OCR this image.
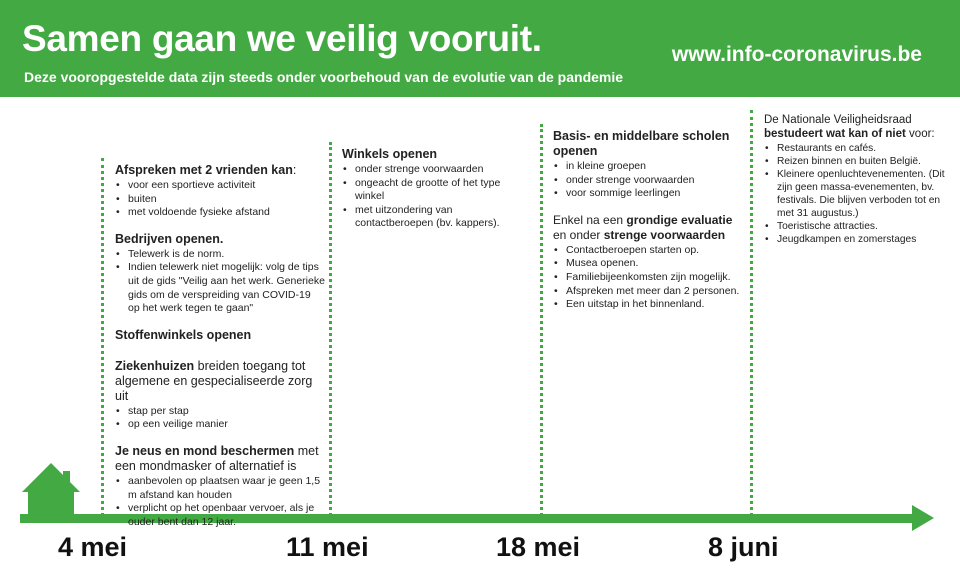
Samen gaan we veilig vooruit.
Deze vooropgestelde data zijn steeds onder voorbehoud van de evolutie van de pandemie
www.info-coronavirus.be
4 mei	11 mei	18 mei	8 juni
Afspreken met 2 vrienden kan:
• voor een sportieve activiteit
• buiten
• met voldoende fysieke afstand
Bedrijven openen.
• Telewerk is de norm.
• Indien telewerk niet mogelijk: volg de tips uit de gids "Veilig aan het werk. Generieke gids om de verspreiding van COVID-19 op het werk tegen te gaan"
Stoffenwinkels openen
Ziekenhuizen breiden toegang tot algemene en gespecialiseerde zorg uit
• stap per stap
• op een veilige manier
Je neus en mond beschermen met een mondmasker of alternatief is
• aanbevolen op plaatsen waar je geen 1,5 m afstand kan houden
• verplicht op het openbaar vervoer, als je ouder bent dan 12 jaar.
Winkels openen
• onder strenge voorwaarden
• ongeacht de grootte of het type winkel
• met uitzondering van contactberoepen (bv. kappers).
Basis- en middelbare scholen openen
• in kleine groepen
• onder strenge voorwaarden
• voor sommige leerlingen
Enkel na een grondige evaluatie en onder strenge voorwaarden
• Contactberoepen starten op.
• Musea openen.
• Familiebijeenkomsten zijn mogelijk.
• Afspreken met meer dan 2 personen.
• Een uitstap in het binnenland.
De Nationale Veiligheidsraad
bestudeert wat kan of niet voor:
• Restaurants en cafés.
• Reizen binnen en buiten België.
• Kleinere openluchtevenementen. (Dit zijn geen massa-evenementen, bv. festivals. Die blijven verboden tot en met 31 augustus.)
• Toeristische attracties.
• Jeugdkampen en zomerstages
